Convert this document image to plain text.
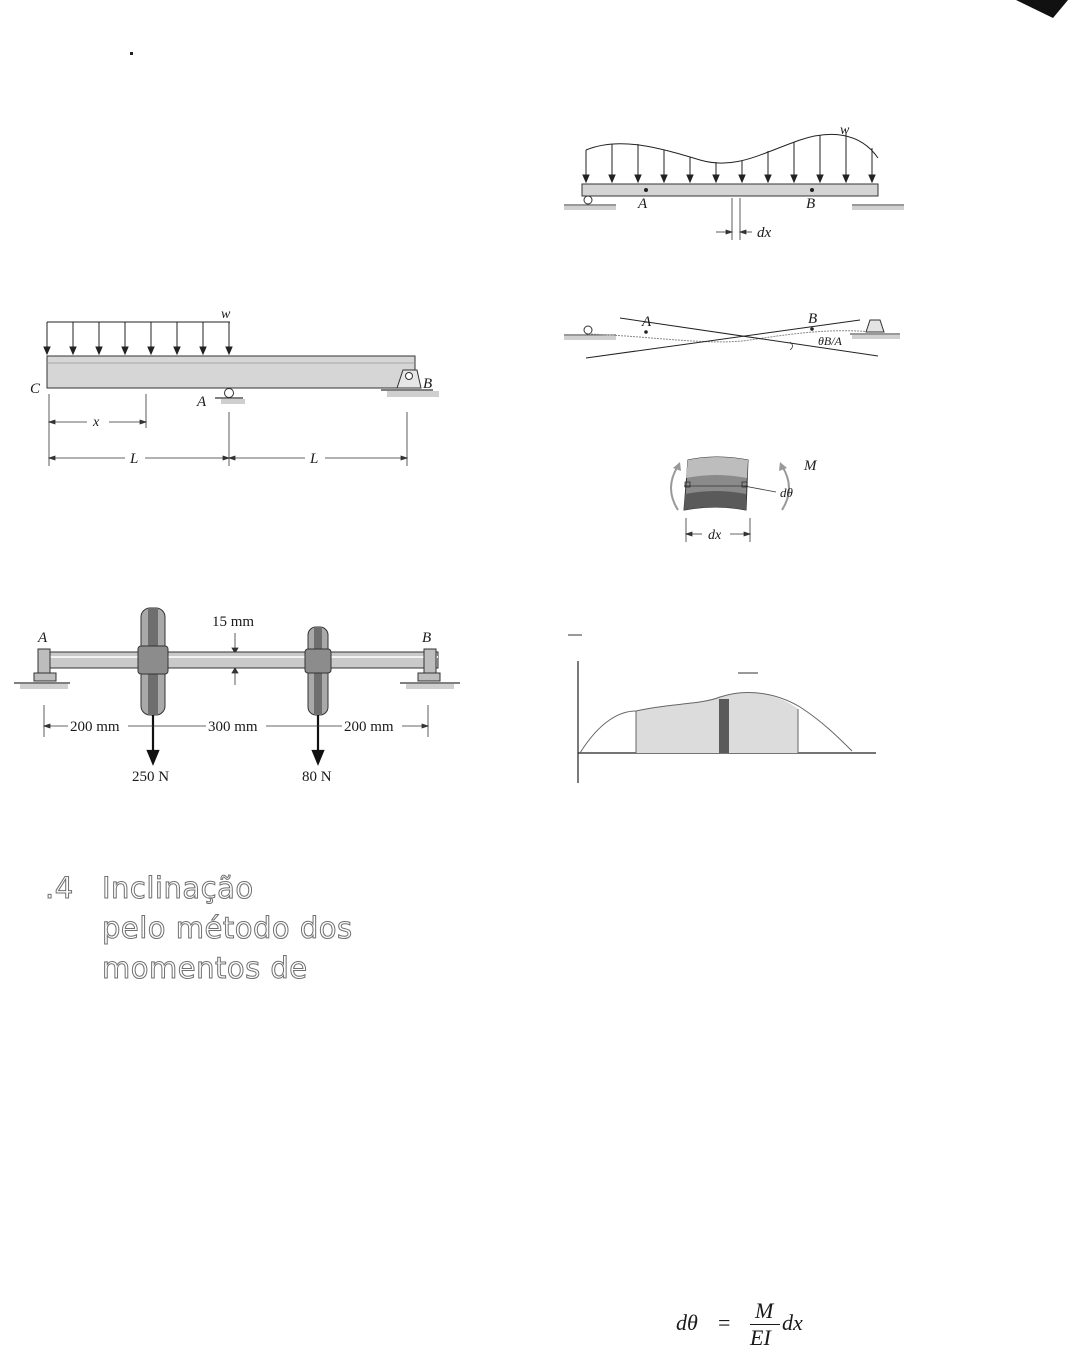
w
C
A
B
x
L	L
A	B
15 mm
250 N	80 N
200 mm	300 mm	200 mm
w
A	B
dx
A	B
θB/A
M
dθ
dx
.4 Inclinação
pelo método dos
momentos de
dθ = M
EI
dx
